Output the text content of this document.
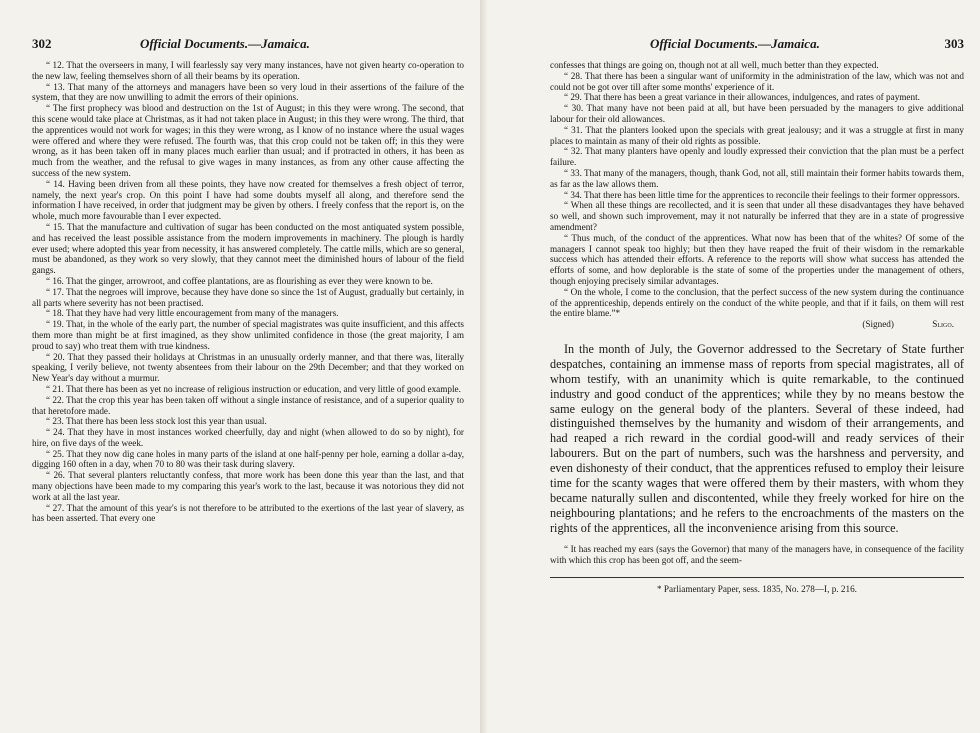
302	Official Documents.—Jamaica.

“ 12. That the overseers in many, I will fearlessly say very many instances, have not given hearty co-operation to the new law, feeling themselves shorn of all their beams by its operation.

“ 13. That many of the attorneys and managers have been so very loud in their assertions of the failure of the system, that they are now unwilling to admit the errors of their opinions.

“ The first prophecy was blood and destruction on the 1st of August; in this they were wrong. The second, that this scene would take place at Christmas, as it had not taken place in August; in this they were wrong. The third, that the apprentices would not work for wages; in this they were wrong, as I know of no instance where the usual wages were offered and where they were refused. The fourth was, that this crop could not be taken off; in this they were wrong, as it has been taken off in many places much earlier than usual; and if protracted in others, it has been as much from the weather, and the refusal to give wages in many instances, as from any other cause affecting the success of the new system.

“ 14. Having been driven from all these points, they have now created for themselves a fresh object of terror, namely, the next year's crop. On this point I have had some doubts myself all along, and therefore send the information I have received, in order that judgment may be given by others. I freely confess that the report is, on the whole, much more favourable than I ever expected.

“ 15. That the manufacture and cultivation of sugar has been conducted on the most antiquated system possible, and has received the least possible assistance from the modern improvements in machinery. The plough is hardly ever used; where adopted this year from necessity, it has answered completely. The cattle mills, which are so general, must be abandoned, as they work so very slowly, that they cannot meet the diminished hours of labour of the field gangs.

“ 16. That the ginger, arrowroot, and coffee plantations, are as flourishing as ever they were known to be.

“ 17. That the negroes will improve, because they have done so since the 1st of August, gradually but certainly, in all parts where severity has not been practised.

“ 18. That they have had very little encouragement from many of the managers.

“ 19. That, in the whole of the early part, the number of special magistrates was quite insufficient, and this affects them more than might be at first imagined, as they show unlimited confidence in those (the great majority, I am proud to say) who treat them with true kindness.

“ 20. That they passed their holidays at Christmas in an unusually orderly manner, and that there was, literally speaking, I verily believe, not twenty absentees from their labour on the 29th December; and that they worked on New Year's day without a murmur.

“ 21. That there has been as yet no increase of religious instruction or education, and very little of good example.

“ 22. That the crop this year has been taken off without a single instance of resistance, and of a superior quality to that heretofore made.

“ 23. That there has been less stock lost this year than usual.

“ 24. That they have in most instances worked cheerfully, day and night (when allowed to do so by night), for hire, on five days of the week.

“ 25. That they now dig cane holes in many parts of the island at one half-penny per hole, earning a dollar a-day, digging 160 often in a day, when 70 to 80 was their task during slavery.

“ 26. That several planters reluctantly confess, that more work has been done this year than the last, and that many objections have been made to my comparing this year's work to the last, because it was notorious they did not work at all the last year.

“ 27. That the amount of this year's is not therefore to be attributed to the exertions of the last year of slavery, as has been asserted. That every one

Official Documents.—Jamaica.	303

confesses that things are going on, though not at all well, much better than they expected.

“ 28. That there has been a singular want of uniformity in the administration of the law, which was not and could not be got over till after some months' experience of it.

“ 29. That there has been a great variance in their allowances, indulgences, and rates of payment.

“ 30. That many have not been paid at all, but have been persuaded by the managers to give additional labour for their old allowances.

“ 31. That the planters looked upon the specials with great jealousy; and it was a struggle at first in many places to maintain as many of their old rights as possible.

“ 32. That many planters have openly and loudly expressed their conviction that the plan must be a perfect failure.

“ 33. That many of the managers, though, thank God, not all, still maintain their former habits towards them, as far as the law allows them.

“ 34. That there has been little time for the apprentices to reconcile their feelings to their former oppressors.

“ When all these things are recollected, and it is seen that under all these disadvantages they have behaved so well, and shown such improvement, may it not naturally be inferred that they are in a state of progressive amendment?

“ Thus much, of the conduct of the apprentices. What now has been that of the whites? Of some of the managers I cannot speak too highly; but then they have reaped the fruit of their wisdom in the remarkable success which has attended their efforts. A reference to the reports will show what success has attended the efforts of some, and how deplorable is the state of some of the properties under the management of others, though enjoying precisely similar advantages.

“ On the whole, I come to the conclusion, that the perfect success of the new system during the continuance of the apprenticeship, depends entirely on the conduct of the white people, and that if it fails, on them will rest the entire blame.”*

(Signed)	Sligo.

In the month of July, the Governor addressed to the Secretary of State further despatches, containing an immense mass of reports from special magistrates, all of whom testify, with an unanimity which is quite remarkable, to the continued industry and good conduct of the apprentices; while they by no means bestow the same eulogy on the general body of the planters. Several of these indeed, had distinguished themselves by the humanity and wisdom of their arrangements, and had reaped a rich reward in the cordial good-will and ready services of their labourers. But on the part of numbers, such was the harshness and perversity, and even dishonesty of their conduct, that the apprentices refused to employ their leisure time for the scanty wages that were offered them by their masters, with whom they became naturally sullen and discontented, while they freely worked for hire on the neighbouring plantations; and he refers to the encroachments of the masters on the rights of the apprentices, all the inconvenience arising from this source.

“ It has reached my ears (says the Governor) that many of the managers have, in consequence of the facility with which this crop has been got off, and the seem-

* Parliamentary Paper, sess. 1835, No. 278—I, p. 216.
